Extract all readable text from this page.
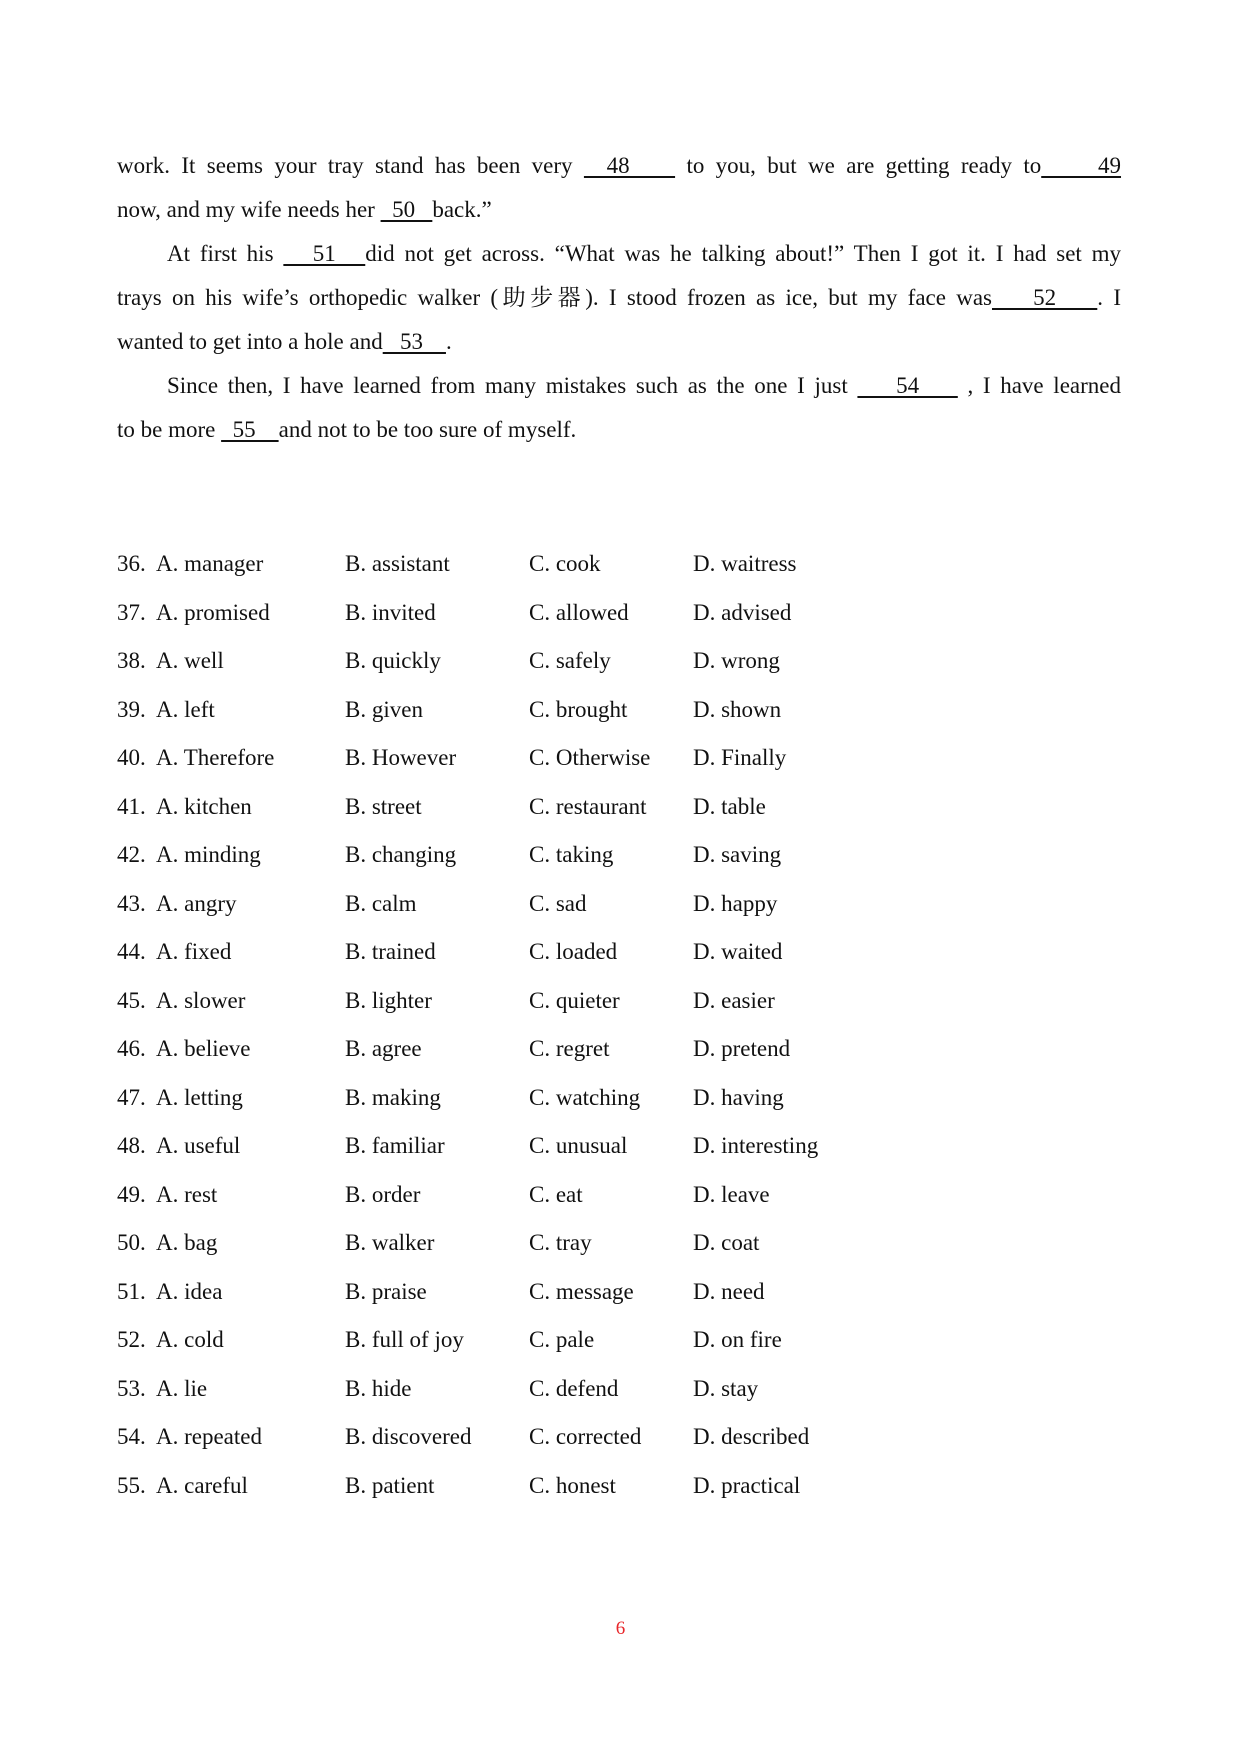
work. It seems your tray stand has been very   48     to you, but we are getting ready to     49
now, and my wife needs her   50   back.”
At first his    51   did not get across. “What was he talking about!” Then I got it. I had set my
trays on his wife’s orthopedic walker (助步器). I stood frozen as ice, but my face was    52    . I
wanted to get into a hole and   53    .
Since then, I have learned from many mistakes such as the one I just     54     , I have learned
to be more   55    and not to be too sure of myself.
36. A. manager	B. assistant	C. cook	D. waitress
37. A. promised	B. invited	C. allowed	D. advised
38. A. well	B. quickly	C. safely	D. wrong
39. A. left	B. given	C. brought	D. shown
40. A. Therefore	B. However	C. Otherwise D. Finally
41. A. kitchen	B. street	C. restaurant D. table
42. A. minding	B. changing	C. taking	D. saving
43. A. angry	B. calm	C. sad	D. happy
44. A. fixed	B. trained	C. loaded	D. waited
45. A. slower	B. lighter	C. quieter	D. easier
46. A. believe	B. agree	C. regret	D. pretend
47. A. letting	B. making	C. watching D. having
48. A. useful	B. familiar	C. unusual	D. interesting
49. A. rest	B. order	C. eat	D. leave
50. A. bag	B. walker	C. tray	D. coat
51. A. idea	B. praise	C. message	D. need
52. A. cold	B. full of joy	C. pale	D. on fire
53. A. lie	B. hide	C. defend	D. stay
54. A. repeated	B. discovered	C. corrected D. described
55. A. careful	B. patient	C. honest	D. practical
6
